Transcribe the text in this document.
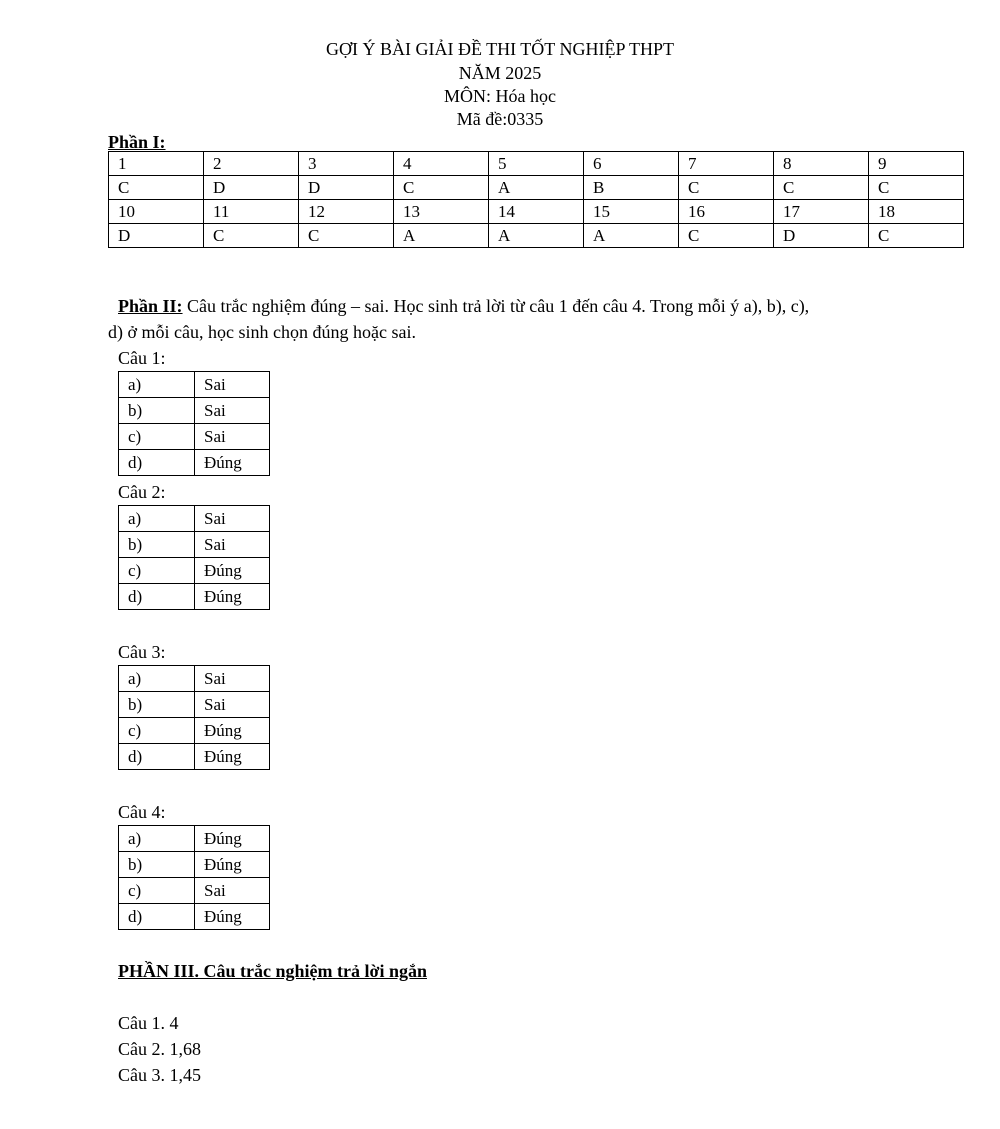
GỢI Ý BÀI GIẢI ĐỀ THI TỐT NGHIỆP THPT
NĂM 2025
MÔN: Hóa học
Mã đề:0335
Phần I:
1	2	3	4	5	6	7	8	9
C	D	D	C	A	B	C	C	C
10	11	12	13	14	15	16	17	18
D	C	C	A	A	A	C	D	C
Phần II: Câu trắc nghiệm đúng – sai. Học sinh trả lời từ câu 1 đến câu 4. Trong mỗi ý a), b), c),
d) ở mỗi câu, học sinh chọn đúng hoặc sai.
Câu 1:
a)	Sai
b)	Sai
c)	Sai
d)	Đúng
Câu 2:
a)	Sai
b)	Sai
c)	Đúng
d)	Đúng
Câu 3:
a)	Sai
b)	Sai
c)	Đúng
d)	Đúng
Câu 4:
a)	Đúng
b)	Đúng
c)	Sai
d)	Đúng
PHẦN III. Câu trắc nghiệm trả lời ngắn
Câu 1. 4
Câu 2. 1,68
Câu 3. 1,45
